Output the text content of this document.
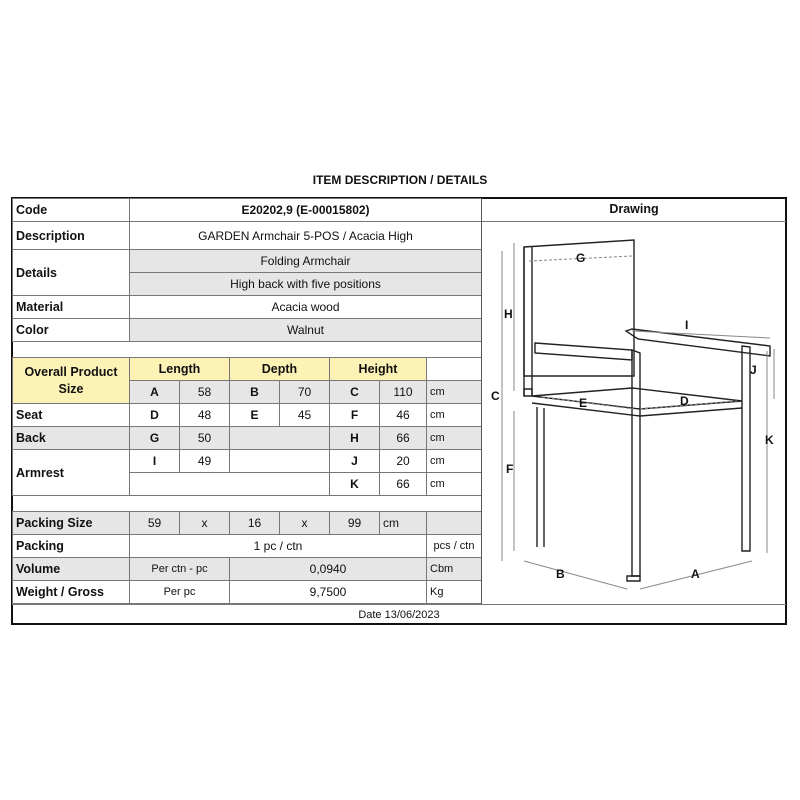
ITEM DESCRIPTION / DETAILS
Code	E20202,9 (E-00015802)						
Description	GARDEN Armchair 5-POS / Acacia High						
Details	Folding Armchair						
	High back with five positions						
Material	Acacia wood						
Color	Walnut						

Overall Product
Size	Length		Depth		Height		
	A	58	B	70	C	110	cm
Seat	D	48	E	45	F	46	cm
Back	G	50			H	66	cm
Armrest	I	49			J	20	cm
					K	66	cm

Packing Size	59	x	16	x	99	cm	
Packing	1 pc / ctn						pcs / ctn
Volume	Per ctn - pc		0,0940				Cbm
Weight / Gross	Per pc		9,7500				Kg
Drawing
G
H
C
F
I
J
K
E	D
B	A
Date 13/06/2023
